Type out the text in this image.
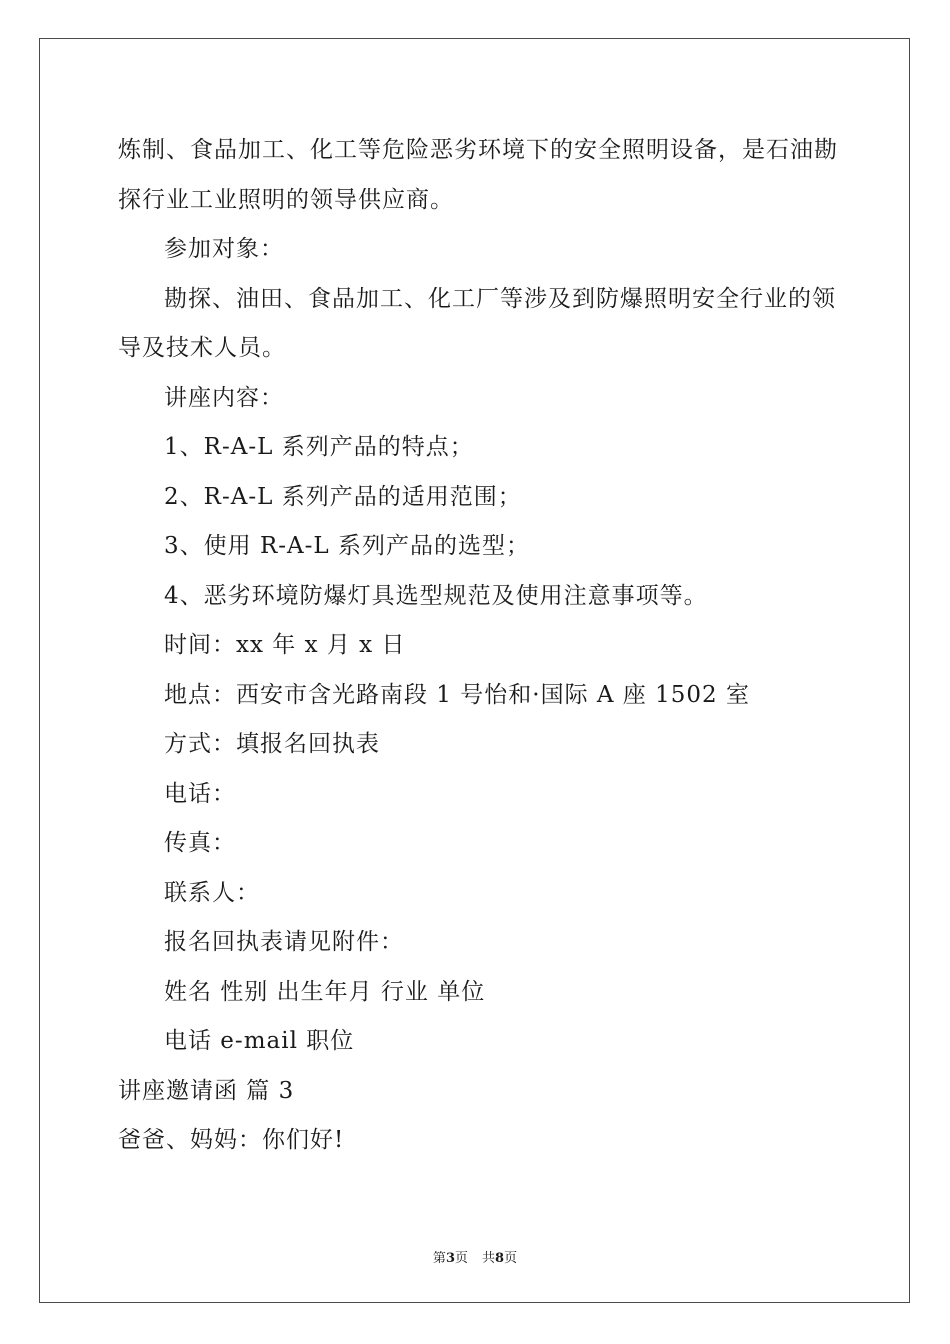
炼制、食品加工、化工等危险恶劣环境下的安全照明设备，是石油勘
探行业工业照明的领导供应商。
参加对象：
勘探、油田、食品加工、化工厂等涉及到防爆照明安全行业的领
导及技术人员。
讲座内容：
1、R-A-L 系列产品的特点；
2、R-A-L 系列产品的适用范围；
3、使用 R-A-L 系列产品的选型；
4、恶劣环境防爆灯具选型规范及使用注意事项等。
时间：xx 年 x 月 x 日
地点：西安市含光路南段 1 号怡和·国际 A 座 1502 室
方式：填报名回执表
电话：
传真：
联系人：
报名回执表请见附件：
姓名 性别 出生年月 行业 单位
电话 e-mail 职位
讲座邀请函 篇 3
爸爸、妈妈：你们好!
第3页 共8页
